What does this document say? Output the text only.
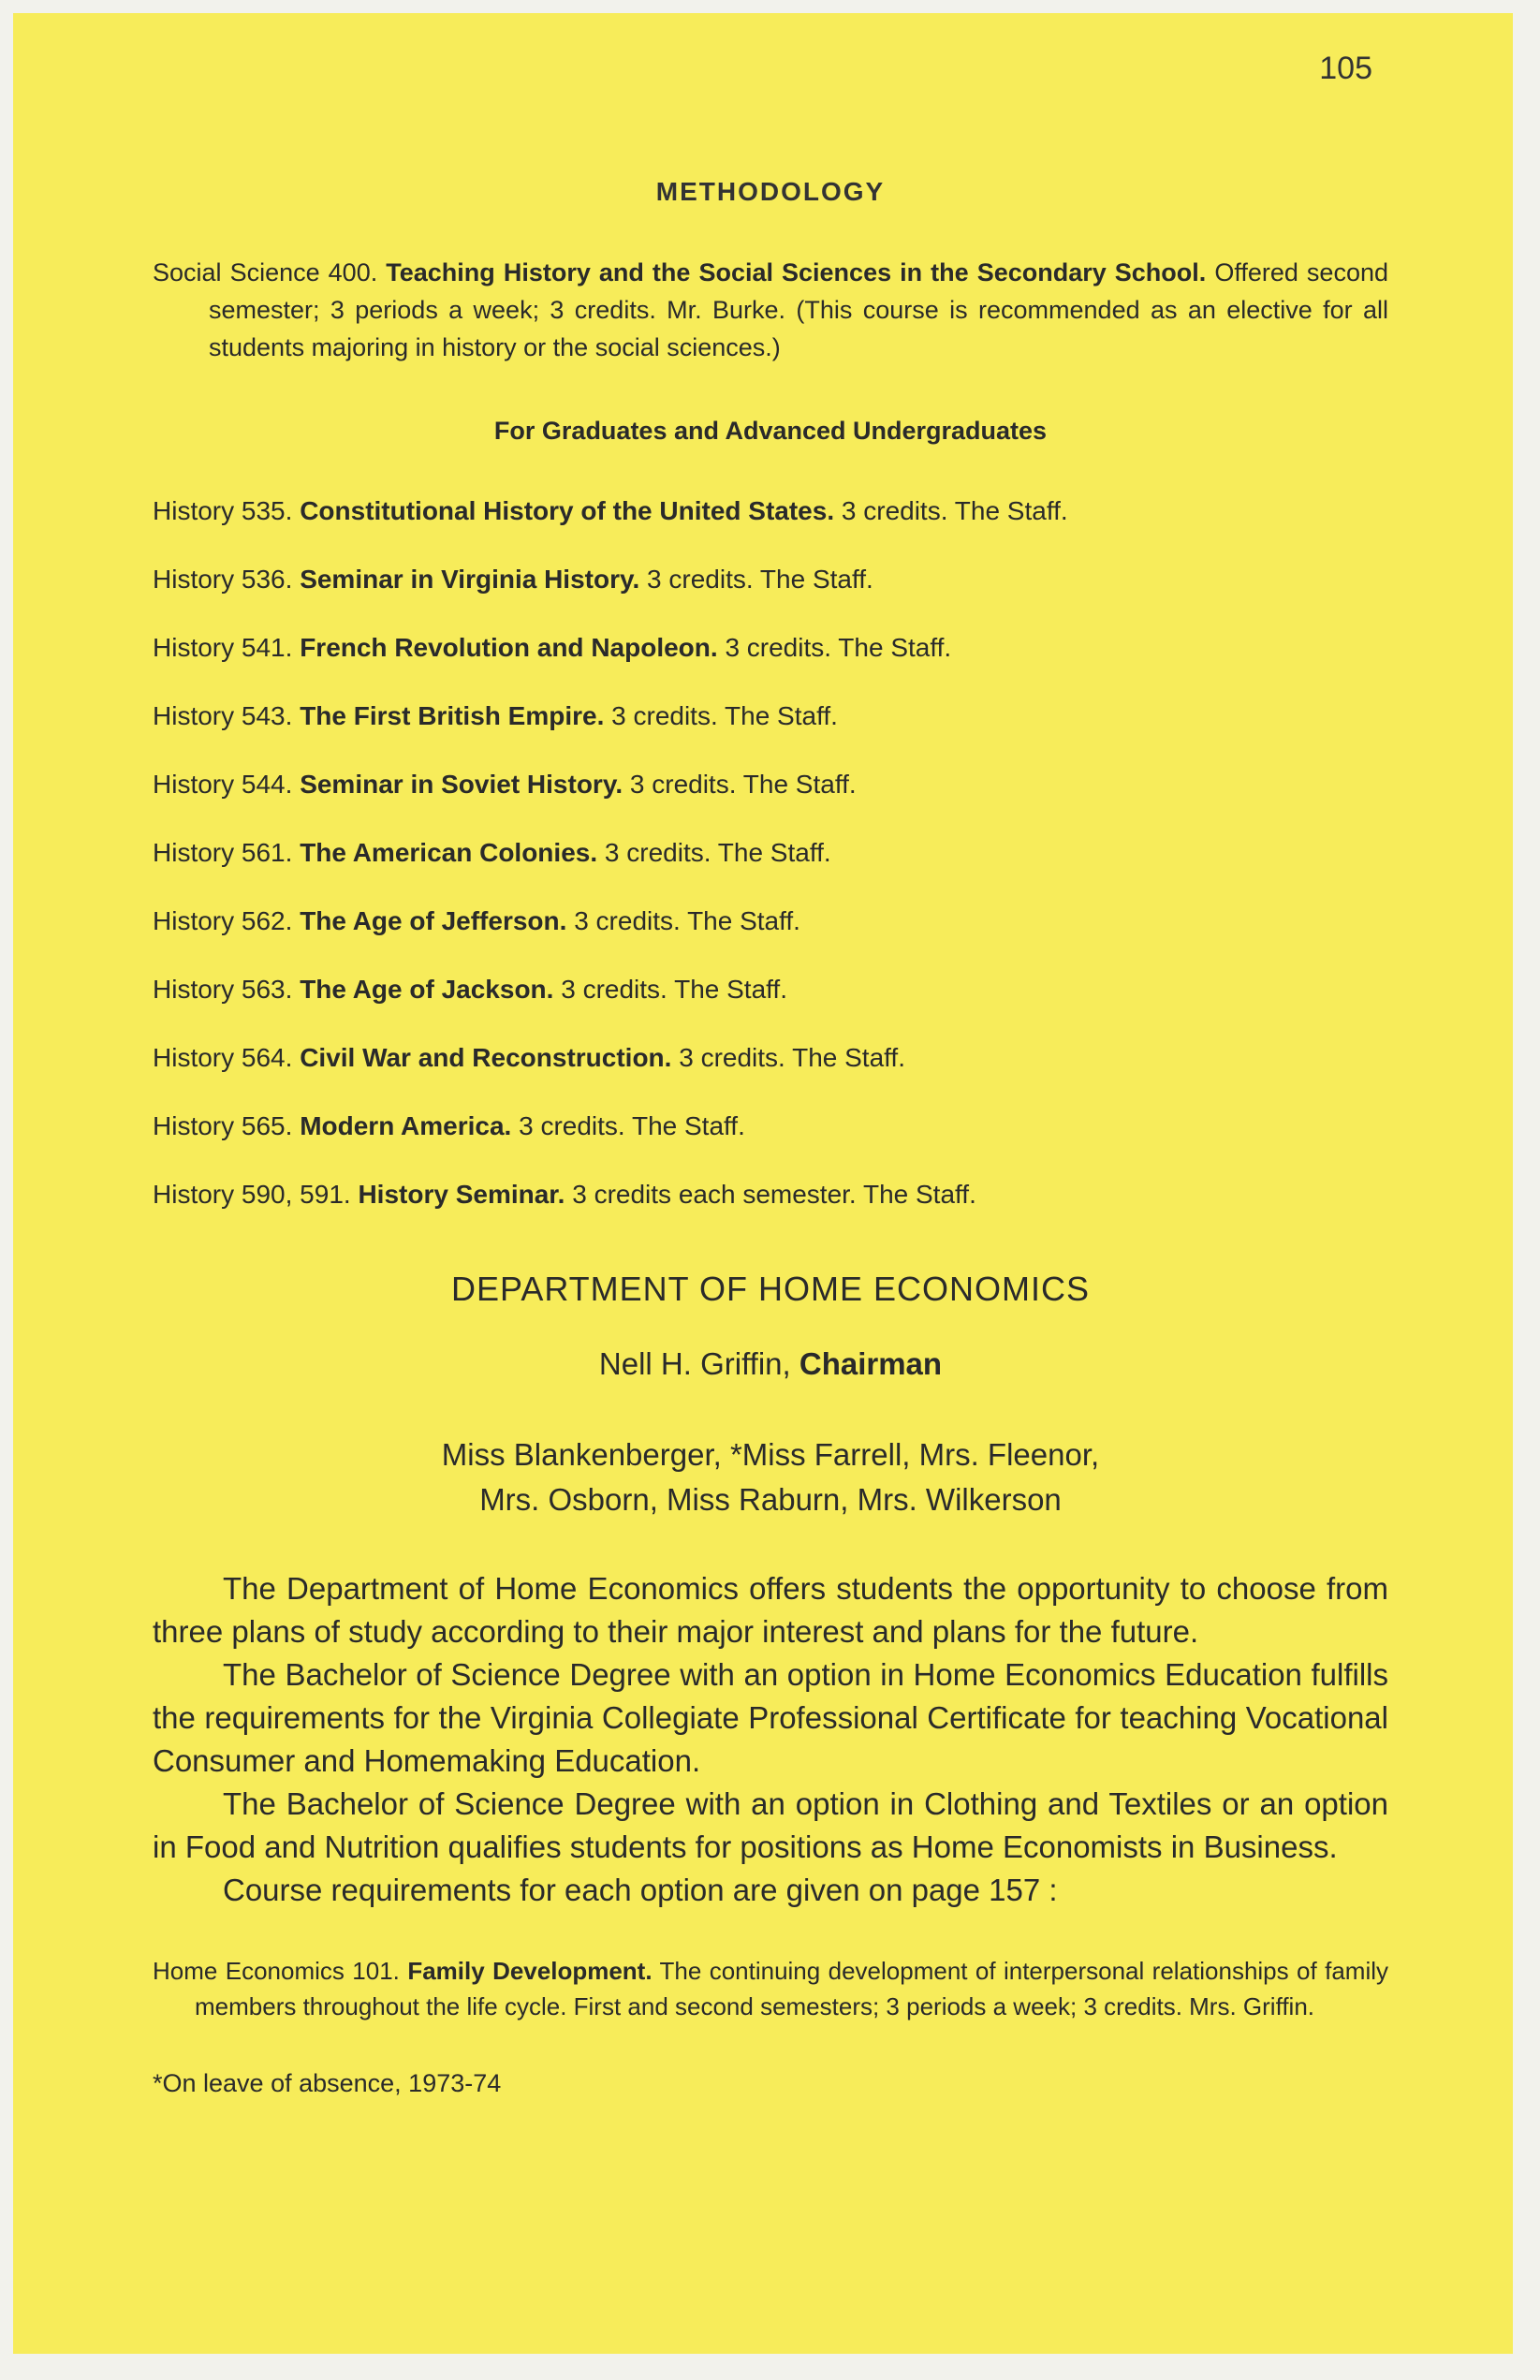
105
METHODOLOGY

Social Science 400. Teaching History and the Social Sciences in the Secondary School. Offered second semester; 3 periods a week; 3 credits. Mr. Burke. (This course is recommended as an elective for all students majoring in history or the social sciences.)

For Graduates and Advanced Undergraduates

History 535. Constitutional History of the United States. 3 credits. The Staff.

History 536. Seminar in Virginia History. 3 credits. The Staff.

History 541. French Revolution and Napoleon. 3 credits. The Staff.

History 543. The First British Empire. 3 credits. The Staff.

History 544. Seminar in Soviet History. 3 credits. The Staff.

History 561. The American Colonies. 3 credits. The Staff.

History 562. The Age of Jefferson. 3 credits. The Staff.

History 563. The Age of Jackson. 3 credits. The Staff.

History 564. Civil War and Reconstruction. 3 credits. The Staff.

History 565. Modern America. 3 credits. The Staff.

History 590, 591. History Seminar. 3 credits each semester. The Staff.

DEPARTMENT OF HOME ECONOMICS
Nell H. Griffin, Chairman

Miss Blankenberger, *Miss Farrell, Mrs. Fleenor,

Mrs. Osborn, Miss Raburn, Mrs. Wilkerson

The Department of Home Economics offers students the opportunity to choose from three plans of study according to their major interest and plans for the future.

The Bachelor of Science Degree with an option in Home Economics Education fulfills the requirements for the Virginia Collegiate Professional Certificate for teaching Vocational Consumer and Homemaking Education.

The Bachelor of Science Degree with an option in Clothing and Textiles or an option in Food and Nutrition qualifies students for positions as Home Economists in Business.

Course requirements for each option are given on page 157 :

Home Economics 101. Family Development. The continuing development of interpersonal relationships of family members throughout the life cycle. First and second semesters; 3 periods a week; 3 credits. Mrs. Griffin.

*On leave of absence, 1973-74
